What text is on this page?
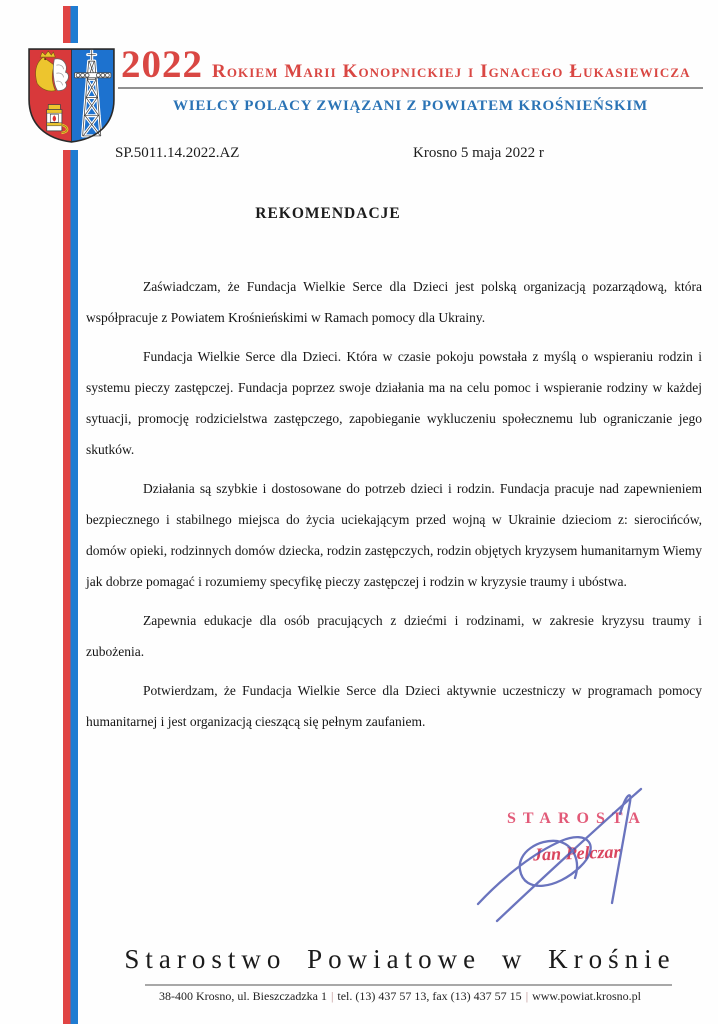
2022 Rokiem Marii Konopnickiej i Ignacego Łukasiewicza
WIELCY POLACY ZWIĄZANI Z POWIATEM KROŚNIEŃSKIM
SP.5011.14.2022.AZ	Krosno 5 maja 2022 r
REKOMENDACJE

Zaświadczam, że Fundacja Wielkie Serce dla Dzieci jest polską organizacją pozarządową, która współpracuje z Powiatem Krośnieńskimi w Ramach pomocy dla Ukrainy.

Fundacja Wielkie Serce dla Dzieci. Która w czasie pokoju powstała z myślą o wspieraniu rodzin i systemu pieczy zastępczej. Fundacja poprzez swoje działania ma na celu pomoc i wspieranie rodziny w każdej sytuacji, promocję rodzicielstwa zastępczego, zapobieganie wykluczeniu społecznemu lub ograniczanie jego skutków.

Działania są szybkie i dostosowane do potrzeb dzieci i rodzin. Fundacja pracuje nad zapewnieniem bezpiecznego i stabilnego miejsca do życia uciekającym przed wojną w Ukrainie dzieciom z: sierocińców, domów opieki, rodzinnych domów dziecka, rodzin zastępczych, rodzin objętych kryzysem humanitarnym Wiemy jak dobrze pomagać i rozumiemy specyfikę pieczy zastępczej i rodzin w kryzysie traumy i ubóstwa.

Zapewnia edukacje dla osób pracujących z dziećmi i rodzinami, w zakresie kryzysu traumy i zubożenia.

Potwierdzam, że Fundacja Wielkie Serce dla Dzieci aktywnie uczestniczy w programach pomocy humanitarnej i jest organizacją cieszącą się pełnym zaufaniem.

STAROSTA
Jan Pelczar
Starostwo Powiatowe w Krośnie
38-400 Krosno, ul. Bieszczadzka 1 | tel. (13) 437 57 13, fax (13) 437 57 15 | www.powiat.krosno.pl
